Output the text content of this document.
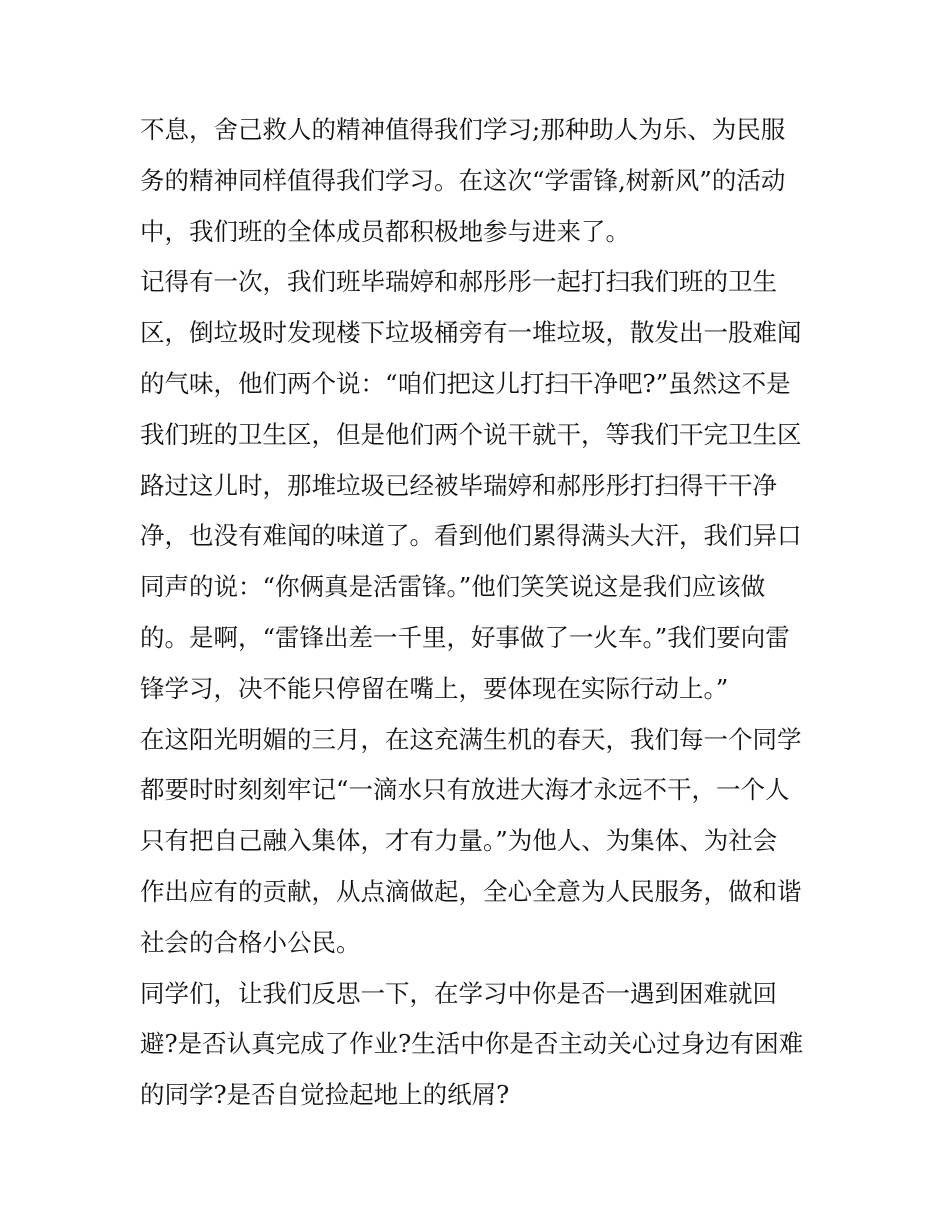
不息，舍己救人的精神值得我们学习;那种助人为乐、为民服
务的精神同样值得我们学习。在这次“学雷锋,树新风”的活动
中，我们班的全体成员都积极地参与进来了。
记得有一次，我们班毕瑞婷和郝彤彤一起打扫我们班的卫生
区，倒垃圾时发现楼下垃圾桶旁有一堆垃圾，散发出一股难闻
的气味，他们两个说：“咱们把这儿打扫干净吧?”虽然这不是
我们班的卫生区，但是他们两个说干就干，等我们干完卫生区
路过这儿时，那堆垃圾已经被毕瑞婷和郝彤彤打扫得干干净
净，也没有难闻的味道了。看到他们累得满头大汗，我们异口
同声的说：“你俩真是活雷锋。”他们笑笑说这是我们应该做
的。是啊，“雷锋出差一千里，好事做了一火车。”我们要向雷
锋学习，决不能只停留在嘴上，要体现在实际行动上。”
在这阳光明媚的三月，在这充满生机的春天，我们每一个同学
都要时时刻刻牢记“一滴水只有放进大海才永远不干，一个人
只有把自己融入集体，才有力量。”为他人、为集体、为社会
作出应有的贡献，从点滴做起，全心全意为人民服务，做和谐
社会的合格小公民。
同学们，让我们反思一下，在学习中你是否一遇到困难就回
避?是否认真完成了作业?生活中你是否主动关心过身边有困难
的同学?是否自觉捡起地上的纸屑?
